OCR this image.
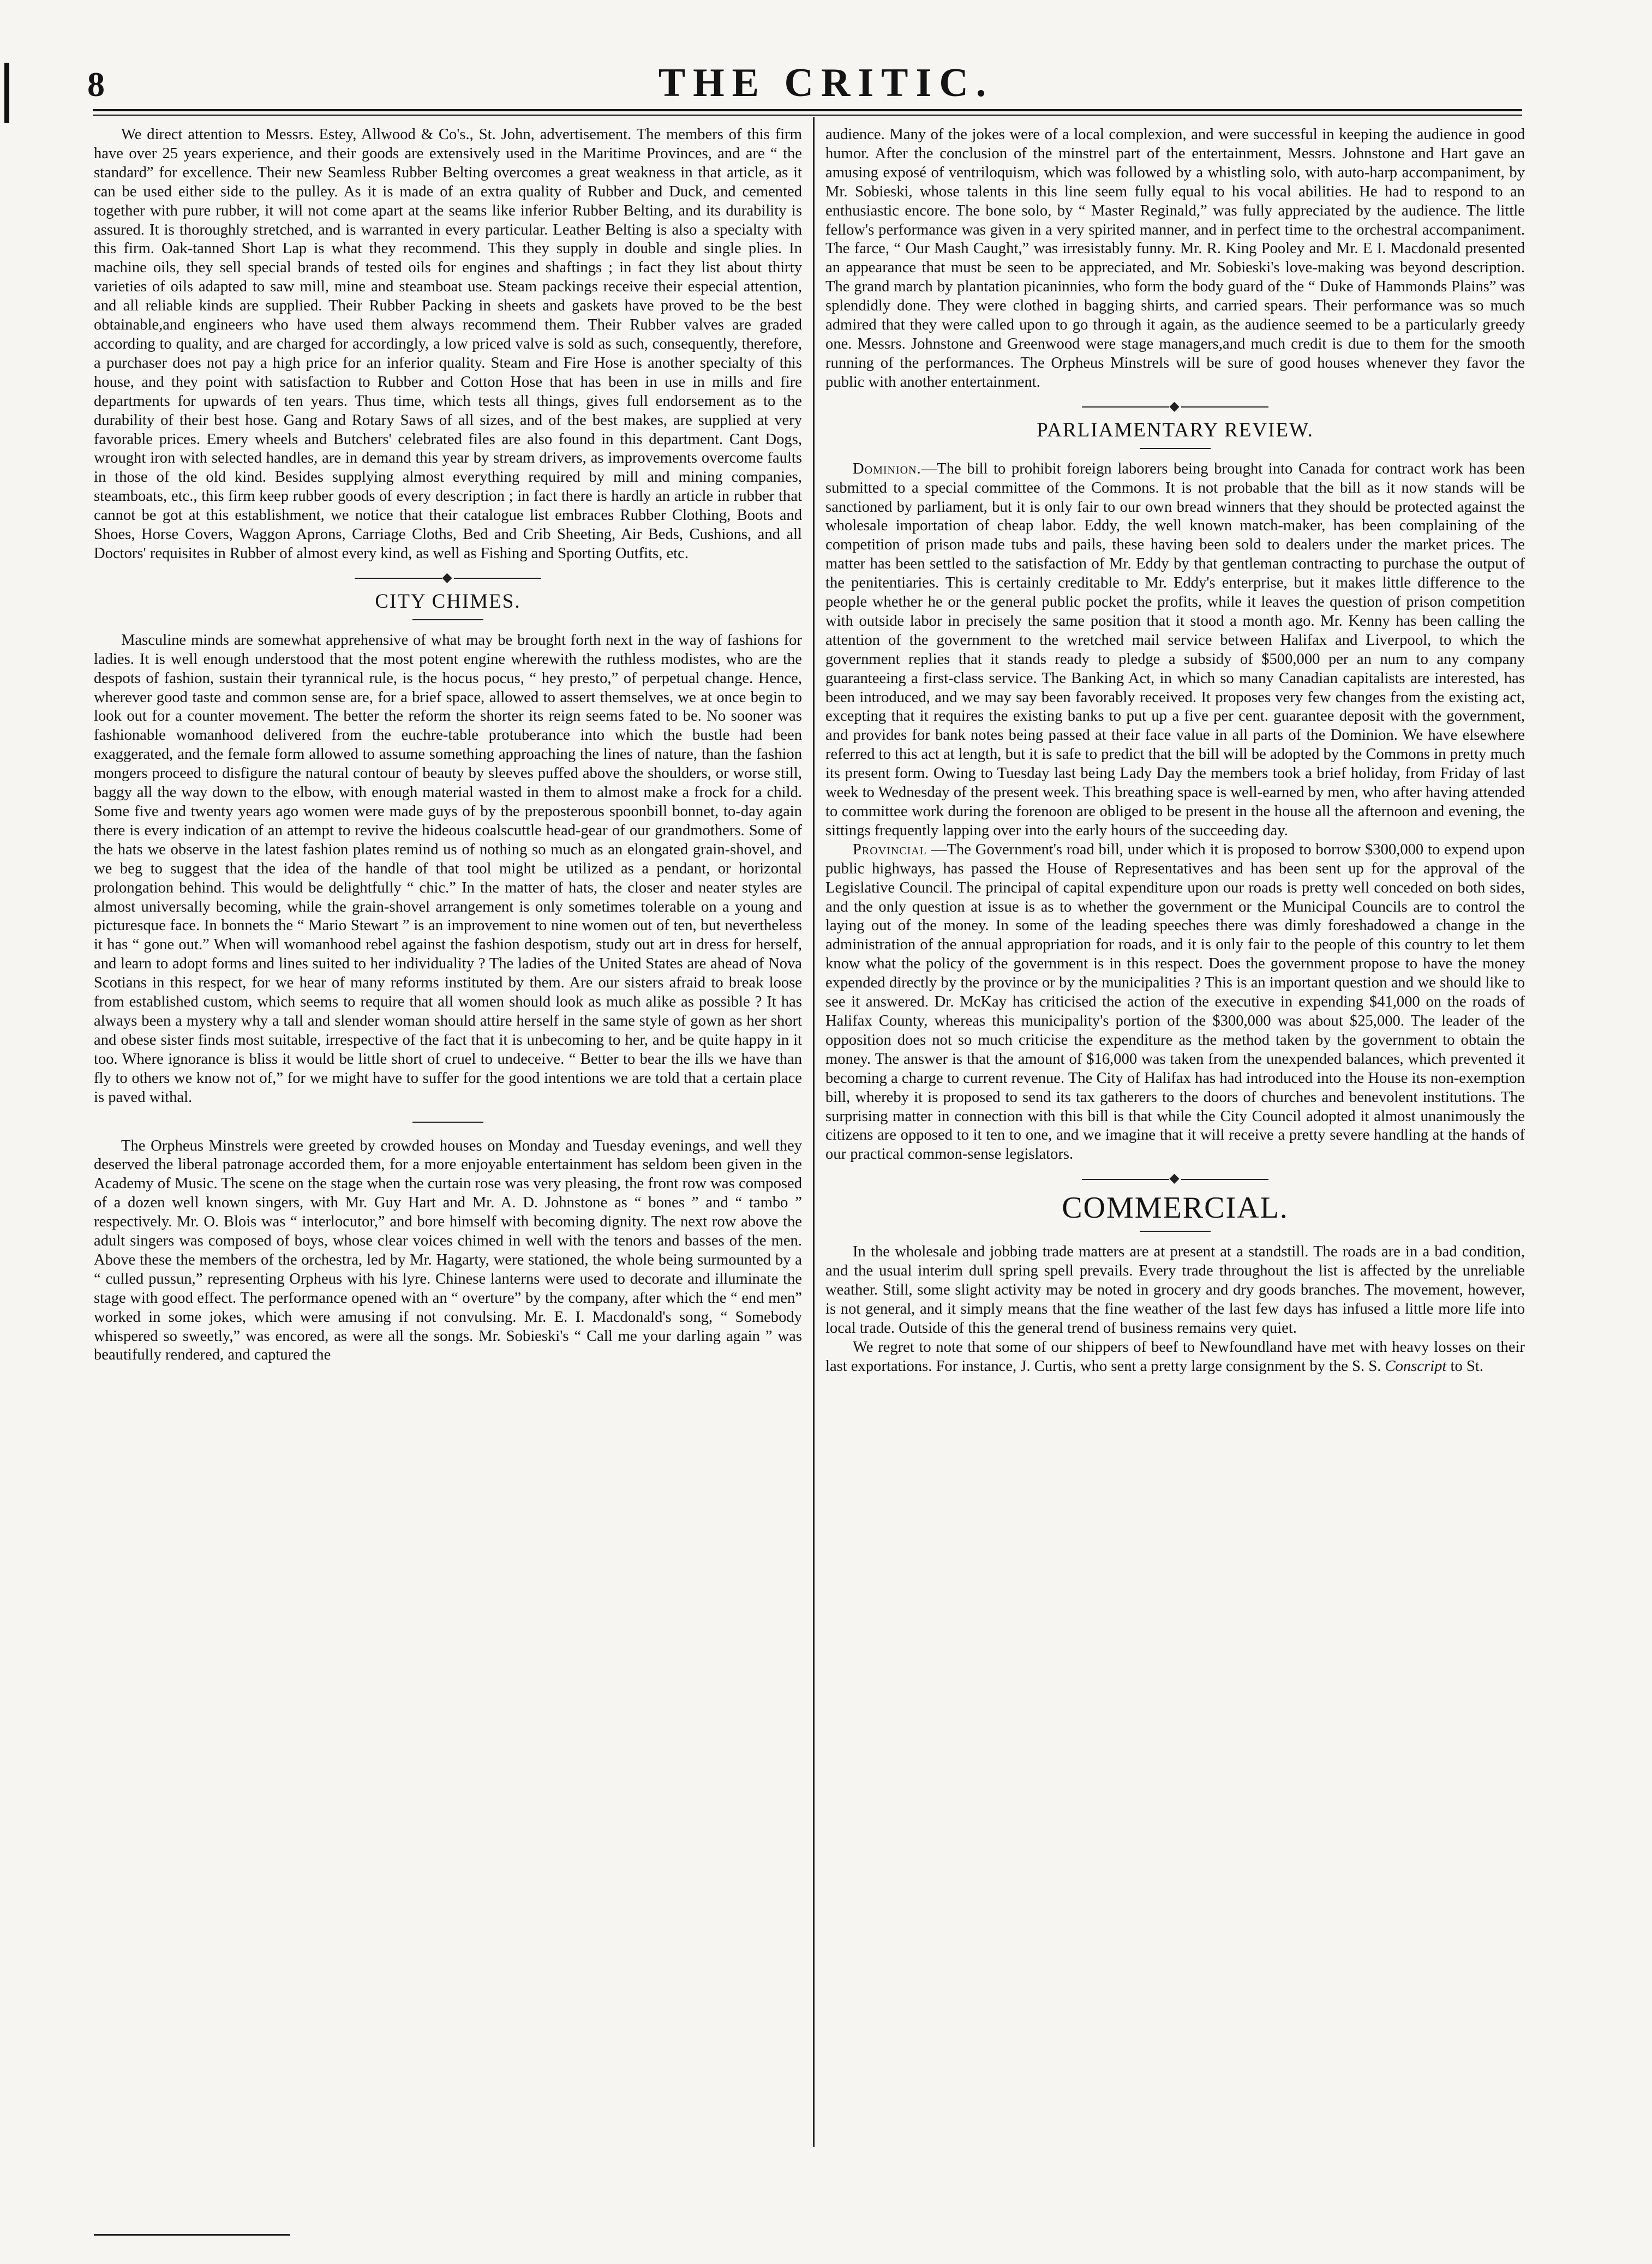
8	THE CRITIC.

We direct attention to Messrs. Estey, Allwood & Co's., St. John, advertisement. The members of this firm have over 25 years experience, and their goods are extensively used in the Maritime Provinces, and are “ the standard” for excellence. Their new Seamless Rubber Belting overcomes a great weakness in that article, as it can be used either side to the pulley. As it is made of an extra quality of Rubber and Duck, and cemented together with pure rubber, it will not come apart at the seams like inferior Rubber Belting, and its durability is assured. It is thoroughly stretched, and is warranted in every particular. Leather Belting is also a specialty with this firm. Oak-tanned Short Lap is what they recommend. This they supply in double and single plies. In machine oils, they sell special brands of tested oils for engines and shaftings ; in fact they list about thirty varieties of oils adapted to saw mill, mine and steamboat use. Steam packings receive their especial attention, and all reliable kinds are supplied. Their Rubber Packing in sheets and gaskets have proved to be the best obtainable,and engineers who have used them always recommend them. Their Rubber valves are graded according to quality, and are charged for accordingly, a low priced valve is sold as such, consequently, therefore, a purchaser does not pay a high price for an inferior quality. Steam and Fire Hose is another specialty of this house, and they point with satisfaction to Rubber and Cotton Hose that has been in use in mills and fire departments for upwards of ten years. Thus time, which tests all things, gives full endorsement as to the durability of their best hose. Gang and Rotary Saws of all sizes, and of the best makes, are supplied at very favorable prices. Emery wheels and Butchers' celebrated files are also found in this department. Cant Dogs, wrought iron with selected handles, are in demand this year by stream drivers, as improvements overcome faults in those of the old kind. Besides supplying almost everything required by mill and mining companies, steamboats, etc., this firm keep rubber goods of every description ; in fact there is hardly an article in rubber that cannot be got at this establishment, we notice that their catalogue list embraces Rubber Clothing, Boots and Shoes, Horse Covers, Waggon Aprons, Carriage Cloths, Bed and Crib Sheeting, Air Beds, Cushions, and all Doctors' requisites in Rubber of almost every kind, as well as Fishing and Sporting Outfits, etc.

◆
CITY CHIMES.

Masculine minds are somewhat apprehensive of what may be brought forth next in the way of fashions for ladies. It is well enough understood that the most potent engine wherewith the ruthless modistes, who are the despots of fashion, sustain their tyrannical rule, is the hocus pocus, “ hey presto,” of perpetual change. Hence, wherever good taste and common sense are, for a brief space, allowed to assert themselves, we at once begin to look out for a counter movement. The better the reform the shorter its reign seems fated to be. No sooner was fashionable womanhood delivered from the euchre-table protuberance into which the bustle had been exaggerated, and the female form allowed to assume something approaching the lines of nature, than the fashion mongers proceed to disfigure the natural contour of beauty by sleeves puffed above the shoulders, or worse still, baggy all the way down to the elbow, with enough material wasted in them to almost make a frock for a child. Some five and twenty years ago women were made guys of by the preposterous spoonbill bonnet, to-day again there is every indication of an attempt to revive the hideous coalscuttle head-gear of our grandmothers. Some of the hats we observe in the latest fashion plates remind us of nothing so much as an elongated grain-shovel, and we beg to suggest that the idea of the handle of that tool might be utilized as a pendant, or horizontal prolongation behind. This would be delightfully “ chic.” In the matter of hats, the closer and neater styles are almost universally becoming, while the grain-shovel arrangement is only sometimes tolerable on a young and picturesque face. In bonnets the “ Mario Stewart ” is an improvement to nine women out of ten, but nevertheless it has “ gone out.” When will womanhood rebel against the fashion despotism, study out art in dress for herself, and learn to adopt forms and lines suited to her individuality ? The ladies of the United States are ahead of Nova Scotians in this respect, for we hear of many reforms instituted by them. Are our sisters afraid to break loose from established custom, which seems to require that all women should look as much alike as possible ? It has always been a mystery why a tall and slender woman should attire herself in the same style of gown as her short and obese sister finds most suitable, irrespective of the fact that it is unbecoming to her, and be quite happy in it too. Where ignorance is bliss it would be little short of cruel to undeceive. “ Better to bear the ills we have than fly to others we know not of,” for we might have to suffer for the good intentions we are told that a certain place is paved withal.

The Orpheus Minstrels were greeted by crowded houses on Monday and Tuesday evenings, and well they deserved the liberal patronage accorded them, for a more enjoyable entertainment has seldom been given in the Academy of Music. The scene on the stage when the curtain rose was very pleasing, the front row was composed of a dozen well known singers, with Mr. Guy Hart and Mr. A. D. Johnstone as “ bones ” and “ tambo ” respectively. Mr. O. Blois was “ interlocutor,” and bore himself with becoming dignity. The next row above the adult singers was composed of boys, whose clear voices chimed in well with the tenors and basses of the men. Above these the members of the orchestra, led by Mr. Hagarty, were stationed, the whole being surmounted by a “ culled pussun,” representing Orpheus with his lyre. Chinese lanterns were used to decorate and illuminate the stage with good effect. The performance opened with an “ overture” by the company, after which the “ end men” worked in some jokes, which were amusing if not convulsing. Mr. E. I. Macdonald's song, “ Somebody whispered so sweetly,” was encored, as were all the songs. Mr. Sobieski's “ Call me your darling again ” was beautifully rendered, and captured the

audience. Many of the jokes were of a local complexion, and were successful in keeping the audience in good humor. After the conclusion of the minstrel part of the entertainment, Messrs. Johnstone and Hart gave an amusing exposé of ventriloquism, which was followed by a whistling solo, with auto-harp accompaniment, by Mr. Sobieski, whose talents in this line seem fully equal to his vocal abilities. He had to respond to an enthusiastic encore. The bone solo, by “ Master Reginald,” was fully appreciated by the audience. The little fellow's performance was given in a very spirited manner, and in perfect time to the orchestral accompaniment. The farce, “ Our Mash Caught,” was irresistably funny. Mr. R. King Pooley and Mr. E I. Macdonald presented an appearance that must be seen to be appreciated, and Mr. Sobieski's love-making was beyond description. The grand march by plantation picaninnies, who form the body guard of the “ Duke of Hammonds Plains” was splendidly done. They were clothed in bagging shirts, and carried spears. Their performance was so much admired that they were called upon to go through it again, as the audience seemed to be a particularly greedy one. Messrs. Johnstone and Greenwood were stage managers,and much credit is due to them for the smooth running of the performances. The Orpheus Minstrels will be sure of good houses whenever they favor the public with another entertainment.

◆
PARLIAMENTARY REVIEW.

Dominion.—The bill to prohibit foreign laborers being brought into Canada for contract work has been submitted to a special committee of the Commons. It is not probable that the bill as it now stands will be sanctioned by parliament, but it is only fair to our own bread winners that they should be protected against the wholesale importation of cheap labor. Eddy, the well known match-maker, has been complaining of the competition of prison made tubs and pails, these having been sold to dealers under the market prices. The matter has been settled to the satisfaction of Mr. Eddy by that gentleman contracting to purchase the output of the penitentiaries. This is certainly creditable to Mr. Eddy's enterprise, but it makes little difference to the people whether he or the general public pocket the profits, while it leaves the question of prison competition with outside labor in precisely the same position that it stood a month ago. Mr. Kenny has been calling the attention of the government to the wretched mail service between Halifax and Liverpool, to which the government replies that it stands ready to pledge a subsidy of $500,000 per an num to any company guaranteeing a first-class service. The Banking Act, in which so many Canadian capitalists are interested, has been introduced, and we may say been favorably received. It proposes very few changes from the existing act, excepting that it requires the existing banks to put up a five per cent. guarantee deposit with the government, and provides for bank notes being passed at their face value in all parts of the Dominion. We have elsewhere referred to this act at length, but it is safe to predict that the bill will be adopted by the Commons in pretty much its present form. Owing to Tuesday last being Lady Day the members took a brief holiday, from Friday of last week to Wednesday of the present week. This breathing space is well-earned by men, who after having attended to committee work during the forenoon are obliged to be present in the house all the afternoon and evening, the sittings frequently lapping over into the early hours of the succeeding day.

Provincial —The Government's road bill, under which it is proposed to borrow $300,000 to expend upon public highways, has passed the House of Representatives and has been sent up for the approval of the Legislative Council. The principal of capital expenditure upon our roads is pretty well conceded on both sides, and the only question at issue is as to whether the government or the Municipal Councils are to control the laying out of the money. In some of the leading speeches there was dimly foreshadowed a change in the administration of the annual appropriation for roads, and it is only fair to the people of this country to let them know what the policy of the government is in this respect. Does the government propose to have the money expended directly by the province or by the municipalities ? This is an important question and we should like to see it answered. Dr. McKay has criticised the action of the executive in expending $41,000 on the roads of Halifax County, whereas this municipality's portion of the $300,000 was about $25,000. The leader of the opposition does not so much criticise the expenditure as the method taken by the government to obtain the money. The answer is that the amount of $16,000 was taken from the unexpended balances, which prevented it becoming a charge to current revenue. The City of Halifax has had introduced into the House its non-exemption bill, whereby it is proposed to send its tax gatherers to the doors of churches and benevolent institutions. The surprising matter in connection with this bill is that while the City Council adopted it almost unanimously the citizens are opposed to it ten to one, and we imagine that it will receive a pretty severe handling at the hands of our practical common-sense legislators.

◆
COMMERCIAL.

In the wholesale and jobbing trade matters are at present at a standstill. The roads are in a bad condition, and the usual interim dull spring spell prevails. Every trade throughout the list is affected by the unreliable weather. Still, some slight activity may be noted in grocery and dry goods branches. The movement, however, is not general, and it simply means that the fine weather of the last few days has infused a little more life into local trade. Outside of this the general trend of business remains very quiet.

We regret to note that some of our shippers of beef to Newfoundland have met with heavy losses on their last exportations. For instance, J. Curtis, who sent a pretty large consignment by the S. S. Conscript to St.
